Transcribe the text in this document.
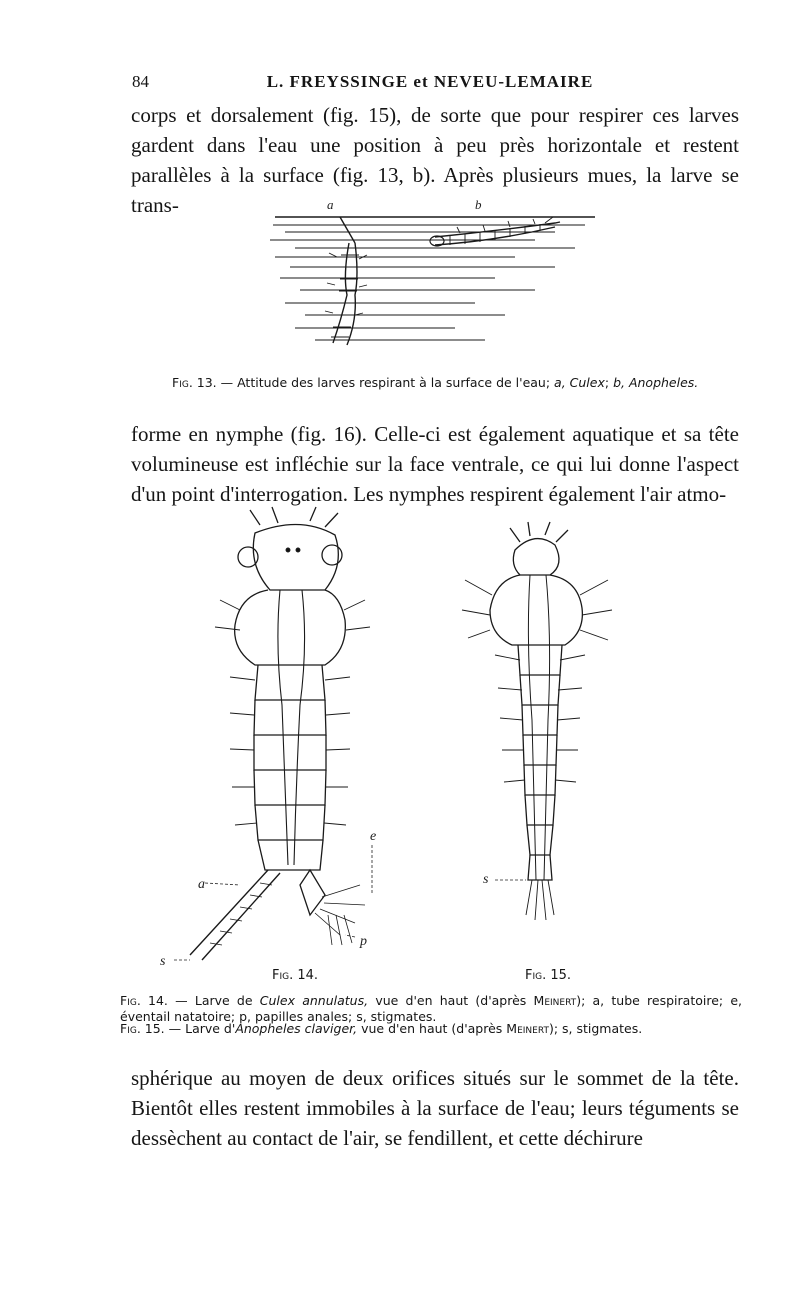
84	L. FREYSSINGE et NEVEU-LEMAIRE

corps et dorsalement (fig. 15), de sorte que pour respirer ces larves gardent dans l'eau une position à peu près horizontale et restent parallèles à la surface (fig. 13, b). Après plusieurs mues, la larve se trans-	a	b

Fig. 13. — Attitude des larves respirant à la surface de l'eau; a, Culex; b, Anopheles.

forme en nymphe (fig. 16). Celle-ci est également aquatique et sa tête volumineuse est infléchie sur la face ventrale, ce qui lui donne l'aspect d'un point d'interrogation. Les nymphes respirent également l'air atmo-

e
a
p
s
s
Fig. 14.	Fig. 15.

Fig. 14. — Larve de Culex annulatus, vue d'en haut (d'après Meinert); a, tube respiratoire; e, éventail natatoire; p, papilles anales; s, stigmates.

Fig. 15. — Larve d'Anopheles claviger, vue d'en haut (d'après Meinert); s, stigmates.

sphérique au moyen de deux orifices situés sur le sommet de la tête. Bientôt elles restent immobiles à la surface de l'eau; leurs téguments se dessèchent au contact de l'air, se fendillent, et cette déchirure
